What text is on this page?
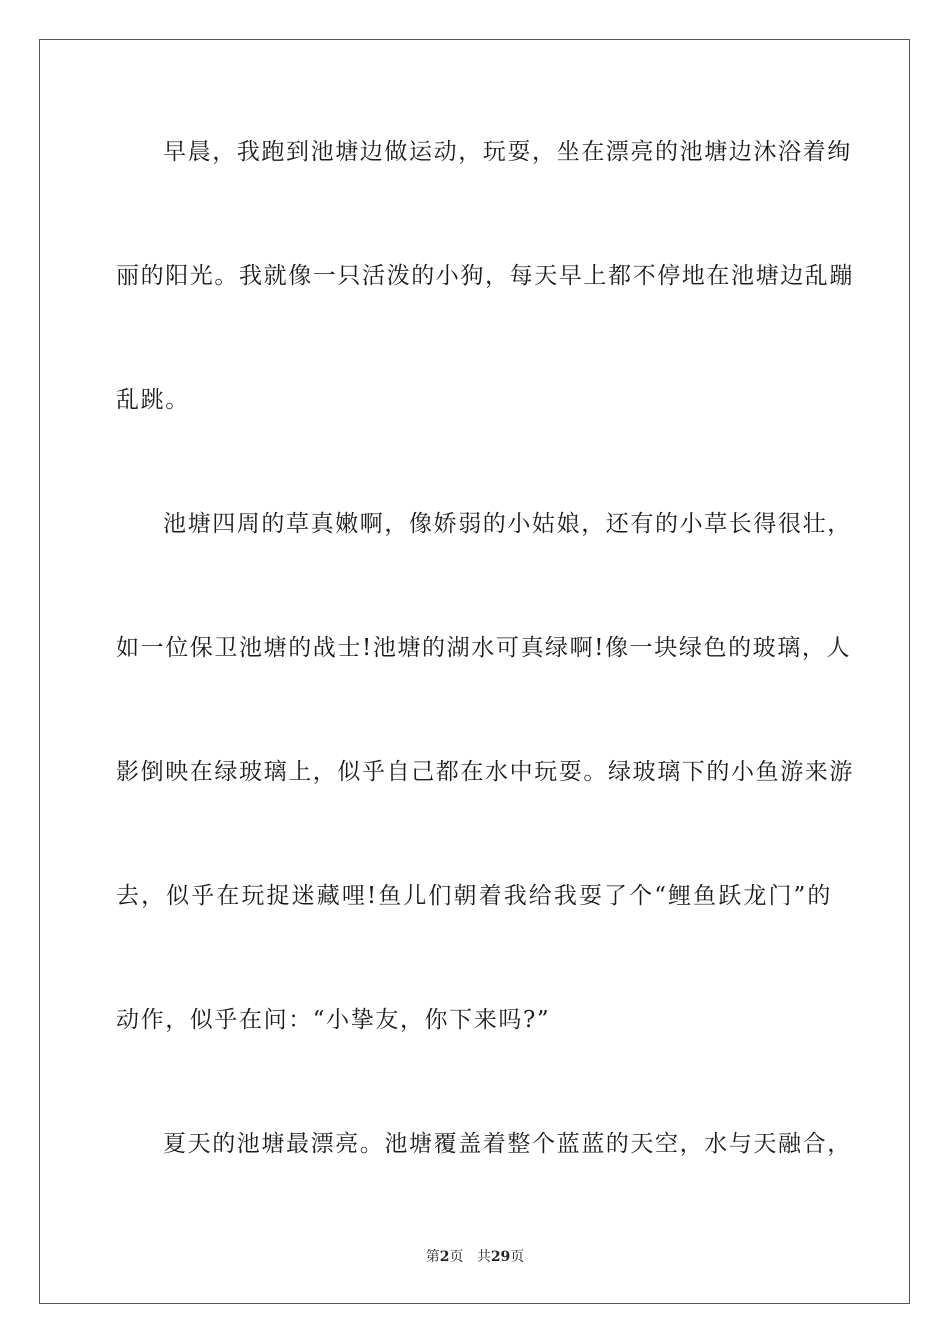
早晨，我跑到池塘边做运动，玩耍，坐在漂亮的池塘边沐浴着绚
丽的阳光。我就像一只活泼的小狗，每天早上都不停地在池塘边乱蹦
乱跳。
池塘四周的草真嫩啊，像娇弱的小姑娘，还有的小草长得很壮，
如一位保卫池塘的战士!池塘的湖水可真绿啊!像一块绿色的玻璃，人
影倒映在绿玻璃上，似乎自己都在水中玩耍。绿玻璃下的小鱼游来游
去，似乎在玩捉迷藏哩!鱼儿们朝着我给我耍了个“鲤鱼跃龙门”的
动作，似乎在问：“小挚友，你下来吗?”
夏天的池塘最漂亮。池塘覆盖着整个蓝蓝的天空，水与天融合，
第2页 共29页
